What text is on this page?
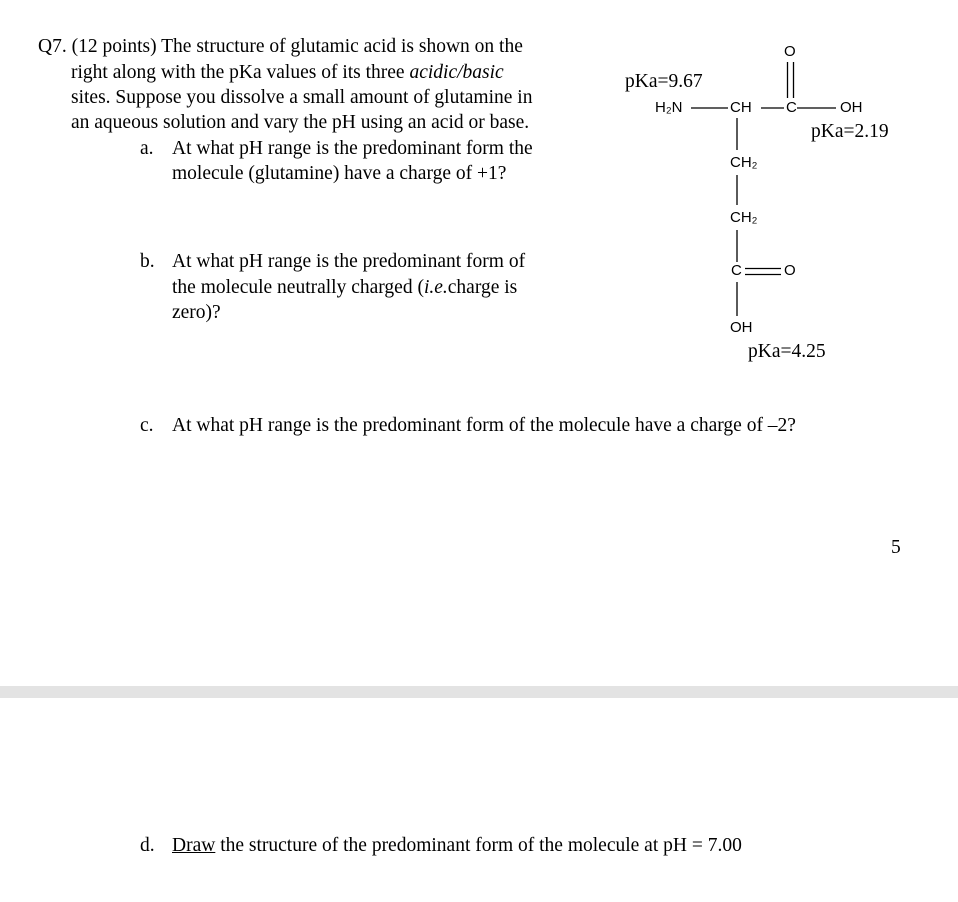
Q7. (12 points) The structure of glutamic acid is shown on the
right along with the pKa values of its three acidic/basic
sites. Suppose you dissolve a small amount of glutamine in
an aqueous solution and vary the pH using an acid or base.
a. At what pH range is the predominant form the
molecule (glutamine) have a charge of +1?
b. At what pH range is the predominant form of
the molecule neutrally charged (i.e.charge is
zero)?
c. At what pH range is the predominant form of the molecule have a charge of –2?
5
d. Draw the structure of the predominant form of the molecule at pH = 7.00
O
H₂N	CH C	OH
CH₂
CH₂
C	O
OH
pKa=9.67
pKa=2.19
pKa=4.25
